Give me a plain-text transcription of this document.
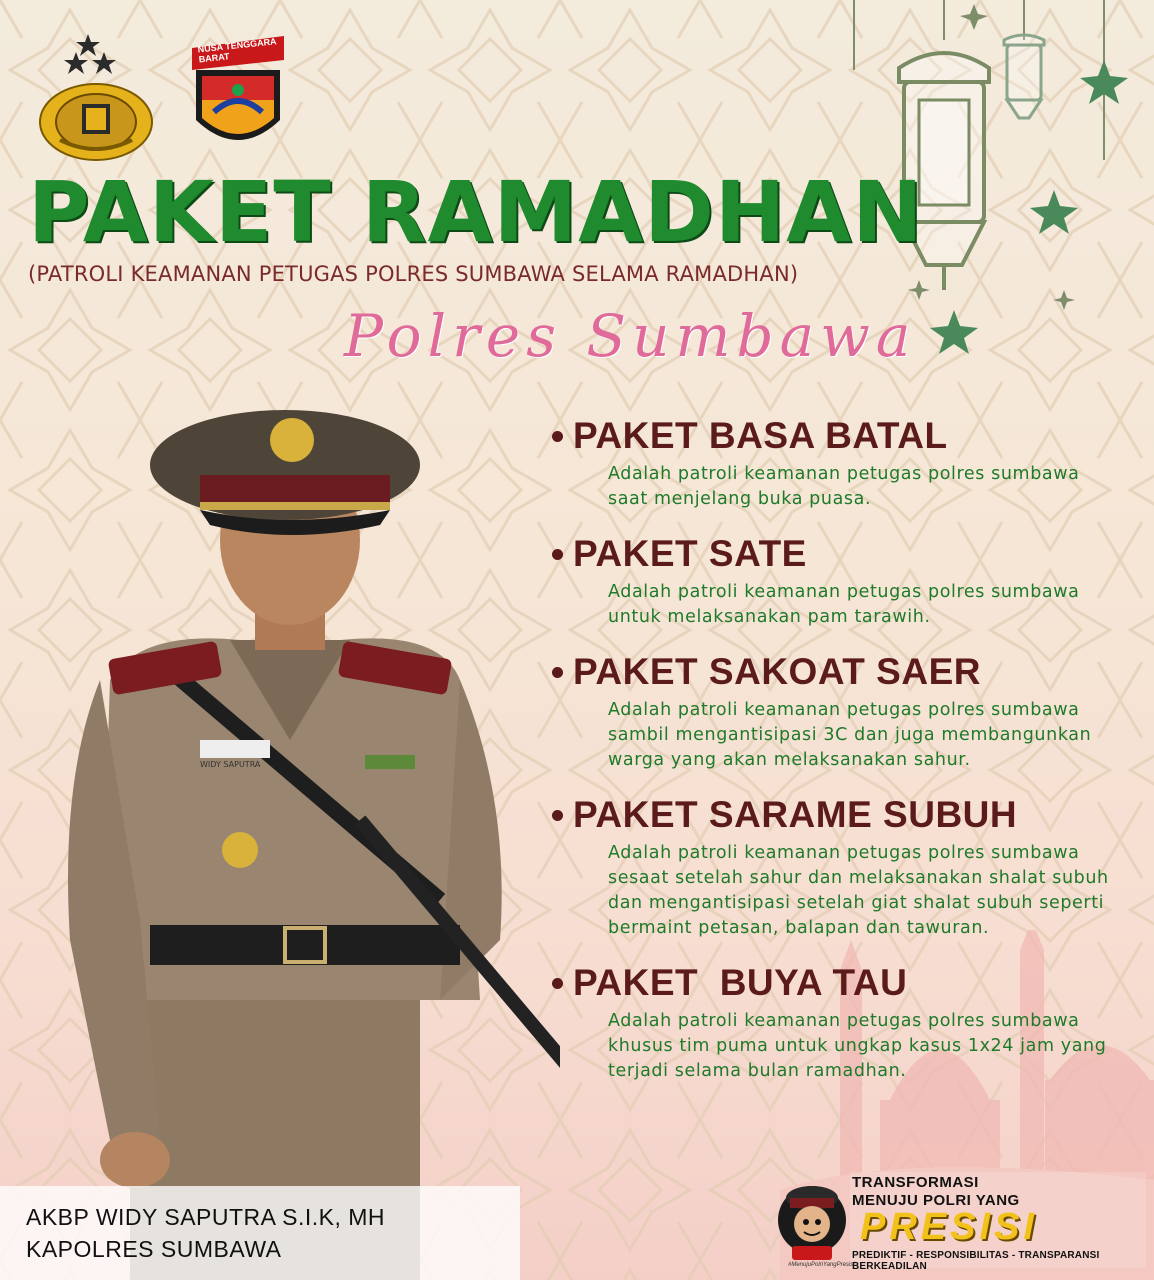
NUSA TENGGARA BARAT
PAKET RAMADHAN
(PATROLI KEAMANAN PETUGAS POLRES SUMBAWA SELAMA RAMADHAN)
Polres Sumbawa
WIDY SAPUTRA
PAKET BASA BATAL
Adalah patroli keamanan petugas polres sumbawa saat menjelang buka puasa.
PAKET SATE
Adalah patroli keamanan petugas polres sumbawa untuk melaksanakan pam tarawih.
PAKET SAKOAT SAER
Adalah patroli keamanan petugas polres sumbawa sambil mengantisipasi 3C dan juga membangunkan warga yang akan melaksanakan sahur.
PAKET SARAME SUBUH
Adalah patroli keamanan petugas polres sumbawa sesaat setelah sahur dan melaksanakan shalat subuh dan mengantisipasi setelah giat shalat subuh seperti bermaint petasan, balapan dan tawuran.
PAKET  BUYA TAU
Adalah patroli keamanan petugas polres sumbawa khusus tim puma untuk ungkap kasus 1x24 jam yang terjadi selama bulan ramadhan.
AKBP WIDY SAPUTRA S.I.K, MH
KAPOLRES SUMBAWA
TRANSFORMASI
MENUJU POLRI YANG
PRESISI
PREDIKTIF - RESPONSIBILITAS - TRANSPARANSI BERKEADILAN
#MenujuPolriYangPresisi
